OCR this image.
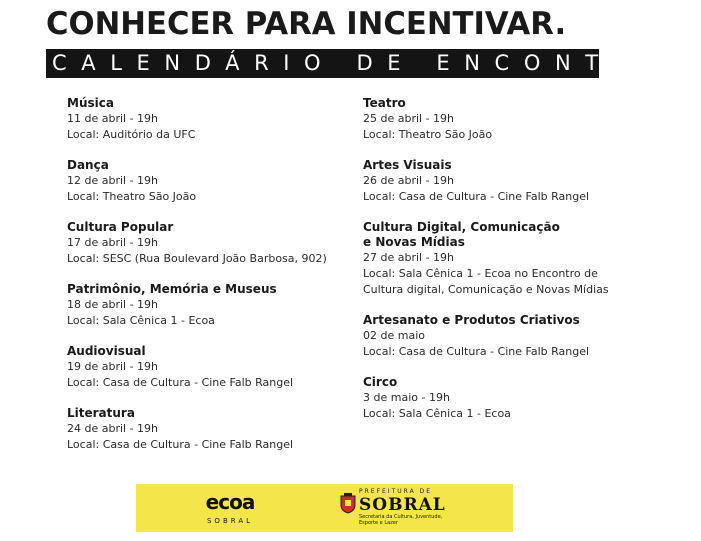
CONHECER PARA INCENTIVAR.
CALENDÁRIO DE ENCONTROS
Música
11 de abril - 19h
Local: Auditório da UFC
Dança
12 de abril - 19h
Local: Theatro São João
Cultura Popular
17 de abril - 19h
Local: SESC (Rua Boulevard João Barbosa, 902)
Patrimônio, Memória e Museus
18 de abril - 19h
Local: Sala Cênica 1 - Ecoa
Audiovisual
19 de abril - 19h
Local: Casa de Cultura - Cine Falb Rangel
Literatura
24 de abril - 19h
Local: Casa de Cultura - Cine Falb Rangel
Teatro
25 de abril - 19h
Local: Theatro São João
Artes Visuais
26 de abril - 19h
Local: Casa de Cultura - Cine Falb Rangel
Cultura Digital, Comunicação
e Novas Mídias
27 de abril - 19h
Local: Sala Cênica 1 - Ecoa no Encontro de
Cultura digital, Comunicação e Novas Mídias
Artesanato e Produtos Criativos
02 de maio
Local: Casa de Cultura - Cine Falb Rangel
Circo
3 de maio - 19h
Local: Sala Cênica 1 - Ecoa
ecoa
SOBRAL
PREFEITURA DE
SOBRAL
Secretaria da Cultura, Juventude,
Esporte e Lazer
